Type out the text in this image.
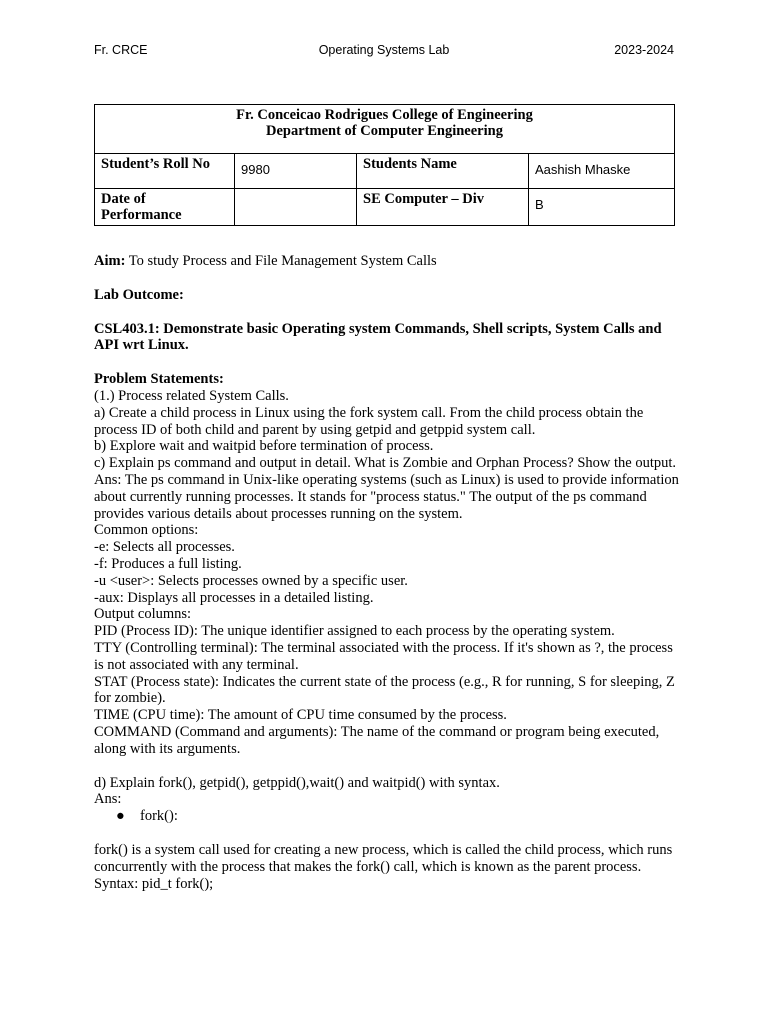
Fr. CRCE	Operating Systems Lab	2023-2024
Fr. Conceicao Rodrigues College of Engineering
Department of Computer Engineering			

Student’s Roll No	9980	Students Name	Aashish Mhaske

Date of Performance		SE Computer – Div	B

Aim: To study Process and File Management System Calls

Lab Outcome:

CSL403.1: Demonstrate basic Operating system Commands, Shell scripts, System Calls and API wrt Linux.

Problem Statements:

(1.) Process related System Calls.

a) Create a child process in Linux using the fork system call. From the child process obtain the process ID of both child and parent by using getpid and getppid system call.

b) Explore wait and waitpid before termination of process.

c) Explain ps command and output in detail. What is Zombie and Orphan Process? Show the output.

Ans: The ps command in Unix-like operating systems (such as Linux) is used to provide information about currently running processes. It stands for "process status." The output of the ps command provides various details about processes running on the system.

Common options:

-e: Selects all processes.

-f: Produces a full listing.

-u <user>: Selects processes owned by a specific user.

-aux: Displays all processes in a detailed listing.

Output columns:

PID (Process ID): The unique identifier assigned to each process by the operating system.

TTY (Controlling terminal): The terminal associated with the process. If it's shown as ?, the process is not associated with any terminal.

STAT (Process state): Indicates the current state of the process (e.g., R for running, S for sleeping, Z for zombie).

TIME (CPU time): The amount of CPU time consumed by the process.

COMMAND (Command and arguments): The name of the command or program being executed, along with its arguments.

d) Explain fork(), getpid(), getppid(),wait() and waitpid() with syntax.

Ans:

● fork():

fork() is a system call used for creating a new process, which is called the child process, which runs concurrently with the process that makes the fork() call, which is known as the parent process.

Syntax: pid_t fork();
